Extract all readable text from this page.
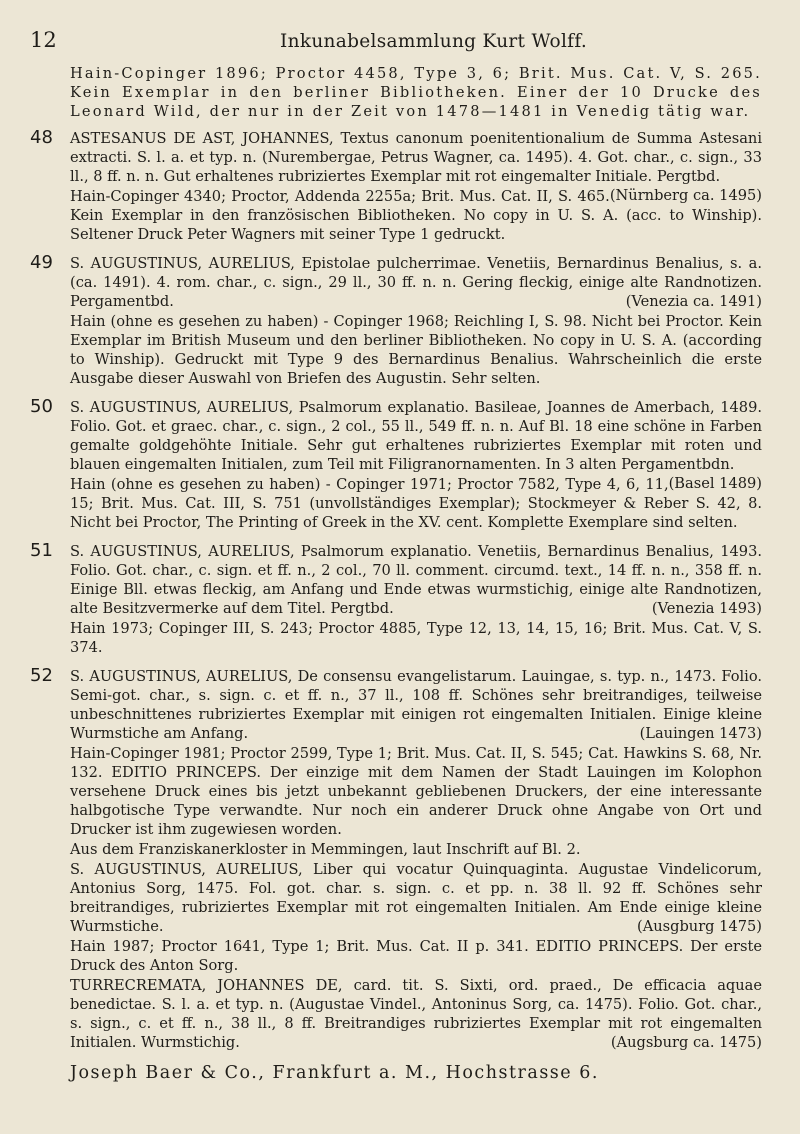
12	Inkunabelsammlung Kurt Wolff.

Hain-Copinger 1896; Proctor 4458, Type 3, 6; Brit. Mus. Cat. V, S. 265. Kein Exemplar in den berliner Bibliotheken. Einer der 10 Drucke des Leonard Wild, der nur in der Zeit von 1478—1481 in Venedig tätig war.

48 ASTESANUS DE AST, JOHANNES, Textus canonum poenitentionalium de Summa Astesani extracti. S. l. a. et typ. n. (Nurembergae, Petrus Wagner, ca. 1495). 4. Got. char., c. sign., 33 ll., 8 ff. n. n. Gut erhaltenes rubriziertes Exemplar mit rot eingemalter Initiale. Pergtbd.
(Nürnberg ca. 1495)

Hain-Copinger 4340; Proctor, Addenda 2255a; Brit. Mus. Cat. II, S. 465. Kein Exemplar in den französischen Bibliotheken. No copy in U. S. A. (acc. to Winship). Seltener Druck Peter Wagners mit seiner Type 1 gedruckt.

49 S. AUGUSTINUS, AURELIUS, Epistolae pulcherrimae. Venetiis, Bernardinus Benalius, s. a. (ca. 1491). 4. rom. char., c. sign., 29 ll., 30 ff. n. n. Gering fleckig, einige alte Randnotizen. Pergamentbd.	(Venezia ca. 1491)

Hain (ohne es gesehen zu haben) - Copinger 1968; Reichling I, S. 98. Nicht bei Proctor. Kein Exemplar im British Museum und den berliner Bibliotheken. No copy in U. S. A. (according to Winship). Gedruckt mit Type 9 des Bernardinus Benalius. Wahrscheinlich die erste Ausgabe dieser Auswahl von Briefen des Augustin. Sehr selten.

50 S. AUGUSTINUS, AURELIUS, Psalmorum explanatio. Basileae, Joannes de Amerbach, 1489. Folio. Got. et graec. char., c. sign., 2 col., 55 ll., 549 ff. n. n. Auf Bl. 18 eine schöne in Farben gemalte goldgehöhte Initiale. Sehr gut erhaltenes rubriziertes Exemplar mit roten und blauen eingemalten Initialen, zum Teil mit Filigranornamenten. In 3 alten Pergamentbdn.
(Basel 1489)

Hain (ohne es gesehen zu haben) - Copinger 1971; Proctor 7582, Type 4, 6, 11, 15; Brit. Mus. Cat. III, S. 751 (unvollständiges Exemplar); Stockmeyer & Reber S. 42, 8. Nicht bei Proctor, The Printing of Greek in the XV. cent. Komplette Exemplare sind selten.

51 S. AUGUSTINUS, AURELIUS, Psalmorum explanatio. Venetiis, Bernardinus Benalius, 1493. Folio. Got. char., c. sign. et ff. n., 2 col., 70 ll. comment. circumd. text., 14 ff. n. n., 358 ff. n. Einige Bll. etwas fleckig, am Anfang und Ende etwas wurmstichig, einige alte Randnotizen, alte Besitzvermerke auf dem Titel. Pergtbd.	(Venezia 1493)

Hain 1973; Copinger III, S. 243; Proctor 4885, Type 12, 13, 14, 15, 16; Brit. Mus. Cat. V, S. 374.

52 S. AUGUSTINUS, AURELIUS, De consensu evangelistarum. Lauingae, s. typ. n., 1473. Folio. Semi-got. char., s. sign. c. et ff. n., 37 ll., 108 ff. Schönes sehr breitrandiges, teilweise unbeschnittenes rubriziertes Exemplar mit einigen rot eingemalten Initialen. Einige kleine Wurmstiche am Anfang.	(Lauingen 1473)

Hain-Copinger 1981; Proctor 2599, Type 1; Brit. Mus. Cat. II, S. 545; Cat. Hawkins S. 68, Nr. 132. EDITIO PRINCEPS. Der einzige mit dem Namen der Stadt Lauingen im Kolophon versehene Druck eines bis jetzt unbekannt gebliebenen Druckers, der eine interessante halbgotische Type verwandte. Nur noch ein anderer Druck ohne Angabe von Ort und Drucker ist ihm zugewiesen worden.

Aus dem Franziskanerkloster in Memmingen, laut Inschrift auf Bl. 2.

S. AUGUSTINUS, AURELIUS, Liber qui vocatur Quinquaginta. Augustae Vindelicorum, Antonius Sorg, 1475. Fol. got. char. s. sign. c. et pp. n. 38 ll. 92 ff. Schönes sehr breitrandiges, rubriziertes Exemplar mit rot eingemalten Initialen. Am Ende einige kleine Wurmstiche.	(Ausgburg 1475)

Hain 1987; Proctor 1641, Type 1; Brit. Mus. Cat. II p. 341. EDITIO PRINCEPS. Der erste Druck des Anton Sorg.

TURRECREMATA, JOHANNES DE, card. tit. S. Sixti, ord. praed., De efficacia aquae benedictae. S. l. a. et typ. n. (Augustae Vindel., Antoninus Sorg, ca. 1475). Folio. Got. char., s. sign., c. et ff. n., 38 ll., 8 ff. Breitrandiges rubriziertes Exemplar mit rot eingemalten Initialen. Wurmstichig.	(Augsburg ca. 1475)

Joseph Baer & Co., Frankfurt a. M., Hochstrasse 6.
